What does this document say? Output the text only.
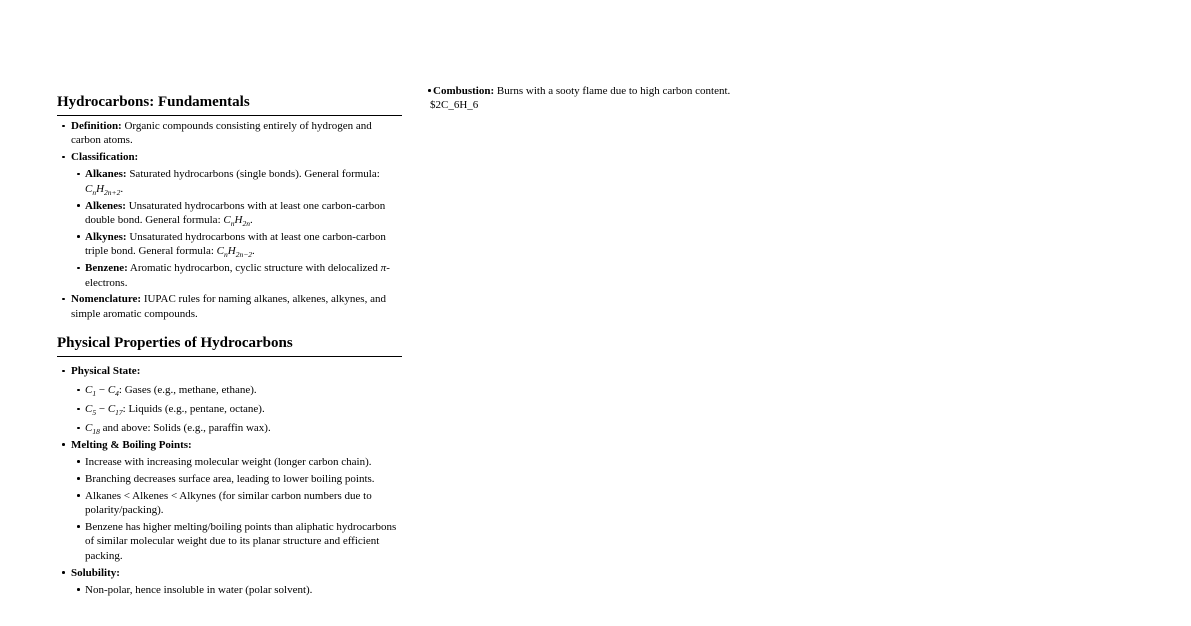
Hydrocarbons: Fundamentals
Definition: Organic compounds consisting entirely of hydrogen and carbon atoms.
Classification:
Alkanes: Saturated hydrocarbons (single bonds). General formula: $C_nH_{2n+2}$.
Alkenes: Unsaturated hydrocarbons with at least one carbon-carbon double bond. General formula: $C_nH_{2n}$.
Alkynes: Unsaturated hydrocarbons with at least one carbon-carbon triple bond. General formula: $C_nH_{2n-2}$.
Benzene: Aromatic hydrocarbon, cyclic structure with delocalized π-electrons.
Nomenclature: IUPAC rules for naming alkanes, alkenes, alkynes, and simple aromatic compounds.
Physical Properties of Hydrocarbons
Physical State:
$C_1 - C_4$: Gases (e.g., methane, ethane).
$C_5 - C_{17}$: Liquids (e.g., pentane, octane).
$C_{18}$ and above: Solids (e.g., paraffin wax).
Melting & Boiling Points:
Increase with increasing molecular weight (longer carbon chain).
Branching decreases surface area, leading to lower boiling points.
Alkanes < Alkenes < Alkynes (for similar carbon numbers due to polarity/packing).
Benzene has higher melting/boiling points than aliphatic hydrocarbons of similar molecular weight due to its planar structure and efficient packing.
Solubility:
Non-polar, hence insoluble in water (polar solvent).
Combustion: Burns with a sooty flame due to high carbon content.
$2C_6H_6
